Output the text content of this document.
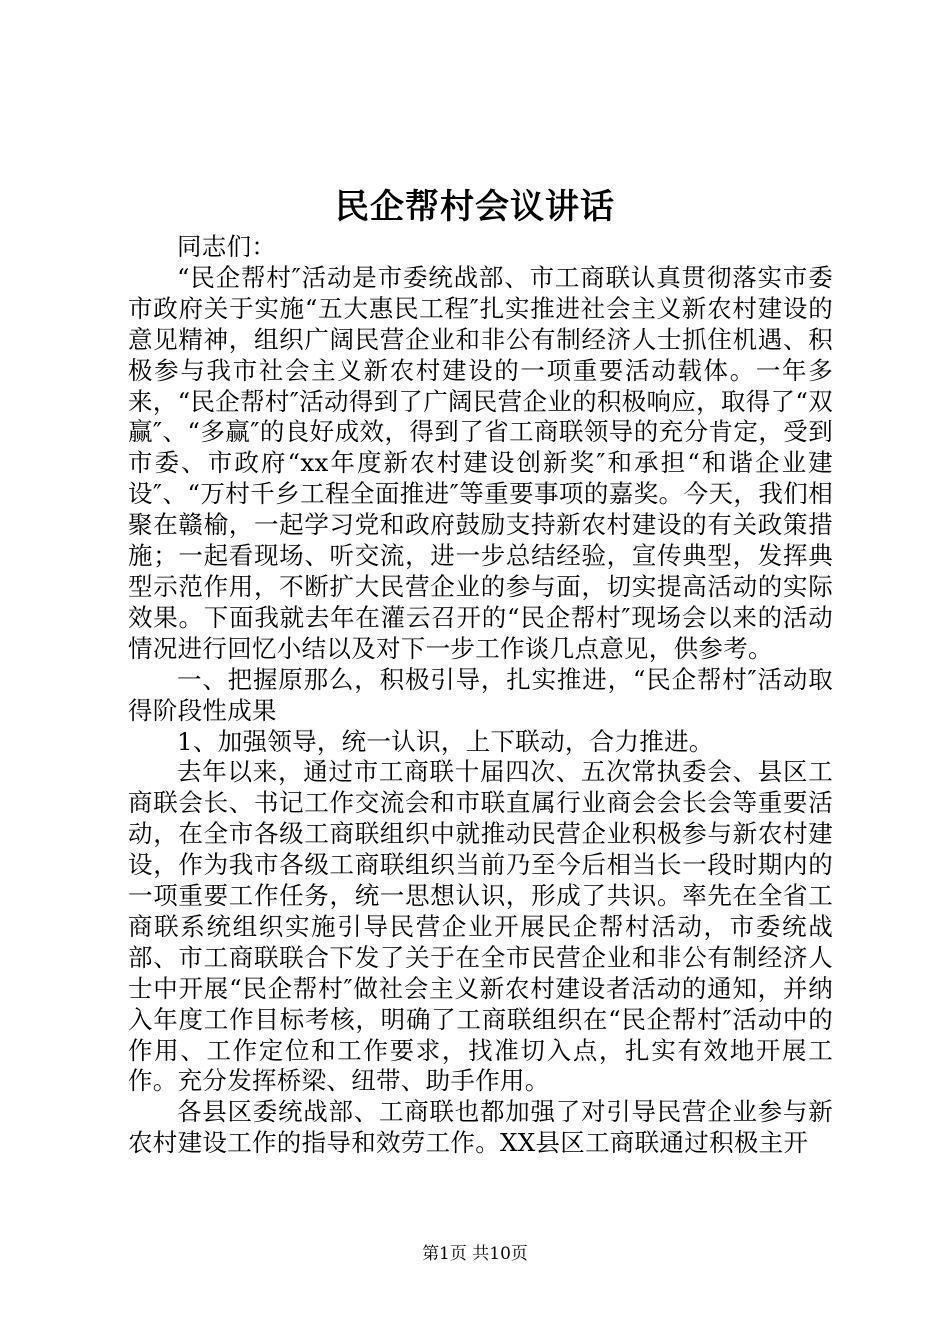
民企帮村会议讲话

同志们：

“民企帮村″活动是市委统战部、市工商联认真贯彻落实市委市政府关于实施“五大惠民工程″扎实推进社会主义新农村建设的意见精神，组织广阔民营企业和非公有制经济人士抓住机遇、积极参与我市社会主义新农村建设的一项重要活动载体。一年多来，“民企帮村″活动得到了广阔民营企业的积极响应，取得了“双赢″、“多赢″的良好成效，得到了省工商联领导的充分肯定，受到市委、市政府“xx年度新农村建设创新奖″和承担“和谐企业建设″、“万村千乡工程全面推进″等重要事项的嘉奖。今天，我们相聚在赣榆，一起学习党和政府鼓励支持新农村建设的有关政策措施；一起看现场、听交流，进一步总结经验，宣传典型，发挥典型示范作用，不断扩大民营企业的参与面，切实提高活动的实际效果。下面我就去年在灌云召开的“民企帮村″现场会以来的活动情况进行回忆小结以及对下一步工作谈几点意见，供参考。

一、把握原那么，积极引导，扎实推进，“民企帮村″活动取得阶段性成果

1、加强领导，统一认识，上下联动，合力推进。

去年以来，通过市工商联十届四次、五次常执委会、县区工商联会长、书记工作交流会和市联直属行业商会会长会等重要活动，在全市各级工商联组织中就推动民营企业积极参与新农村建设，作为我市各级工商联组织当前乃至今后相当长一段时期内的一项重要工作任务，统一思想认识，形成了共识。率先在全省工商联系统组织实施引导民营企业开展民企帮村活动，市委统战部、市工商联联合下发了关于在全市民营企业和非公有制经济人士中开展“民企帮村″做社会主义新农村建设者活动的通知，并纳入年度工作目标考核，明确了工商联组织在“民企帮村″活动中的作用、工作定位和工作要求，找准切入点，扎实有效地开展工作。充分发挥桥梁、纽带、助手作用。

各县区委统战部、工商联也都加强了对引导民营企业参与新农村建设工作的指导和效劳工作。XX县区工商联通过积极主开

第1页 共10页
